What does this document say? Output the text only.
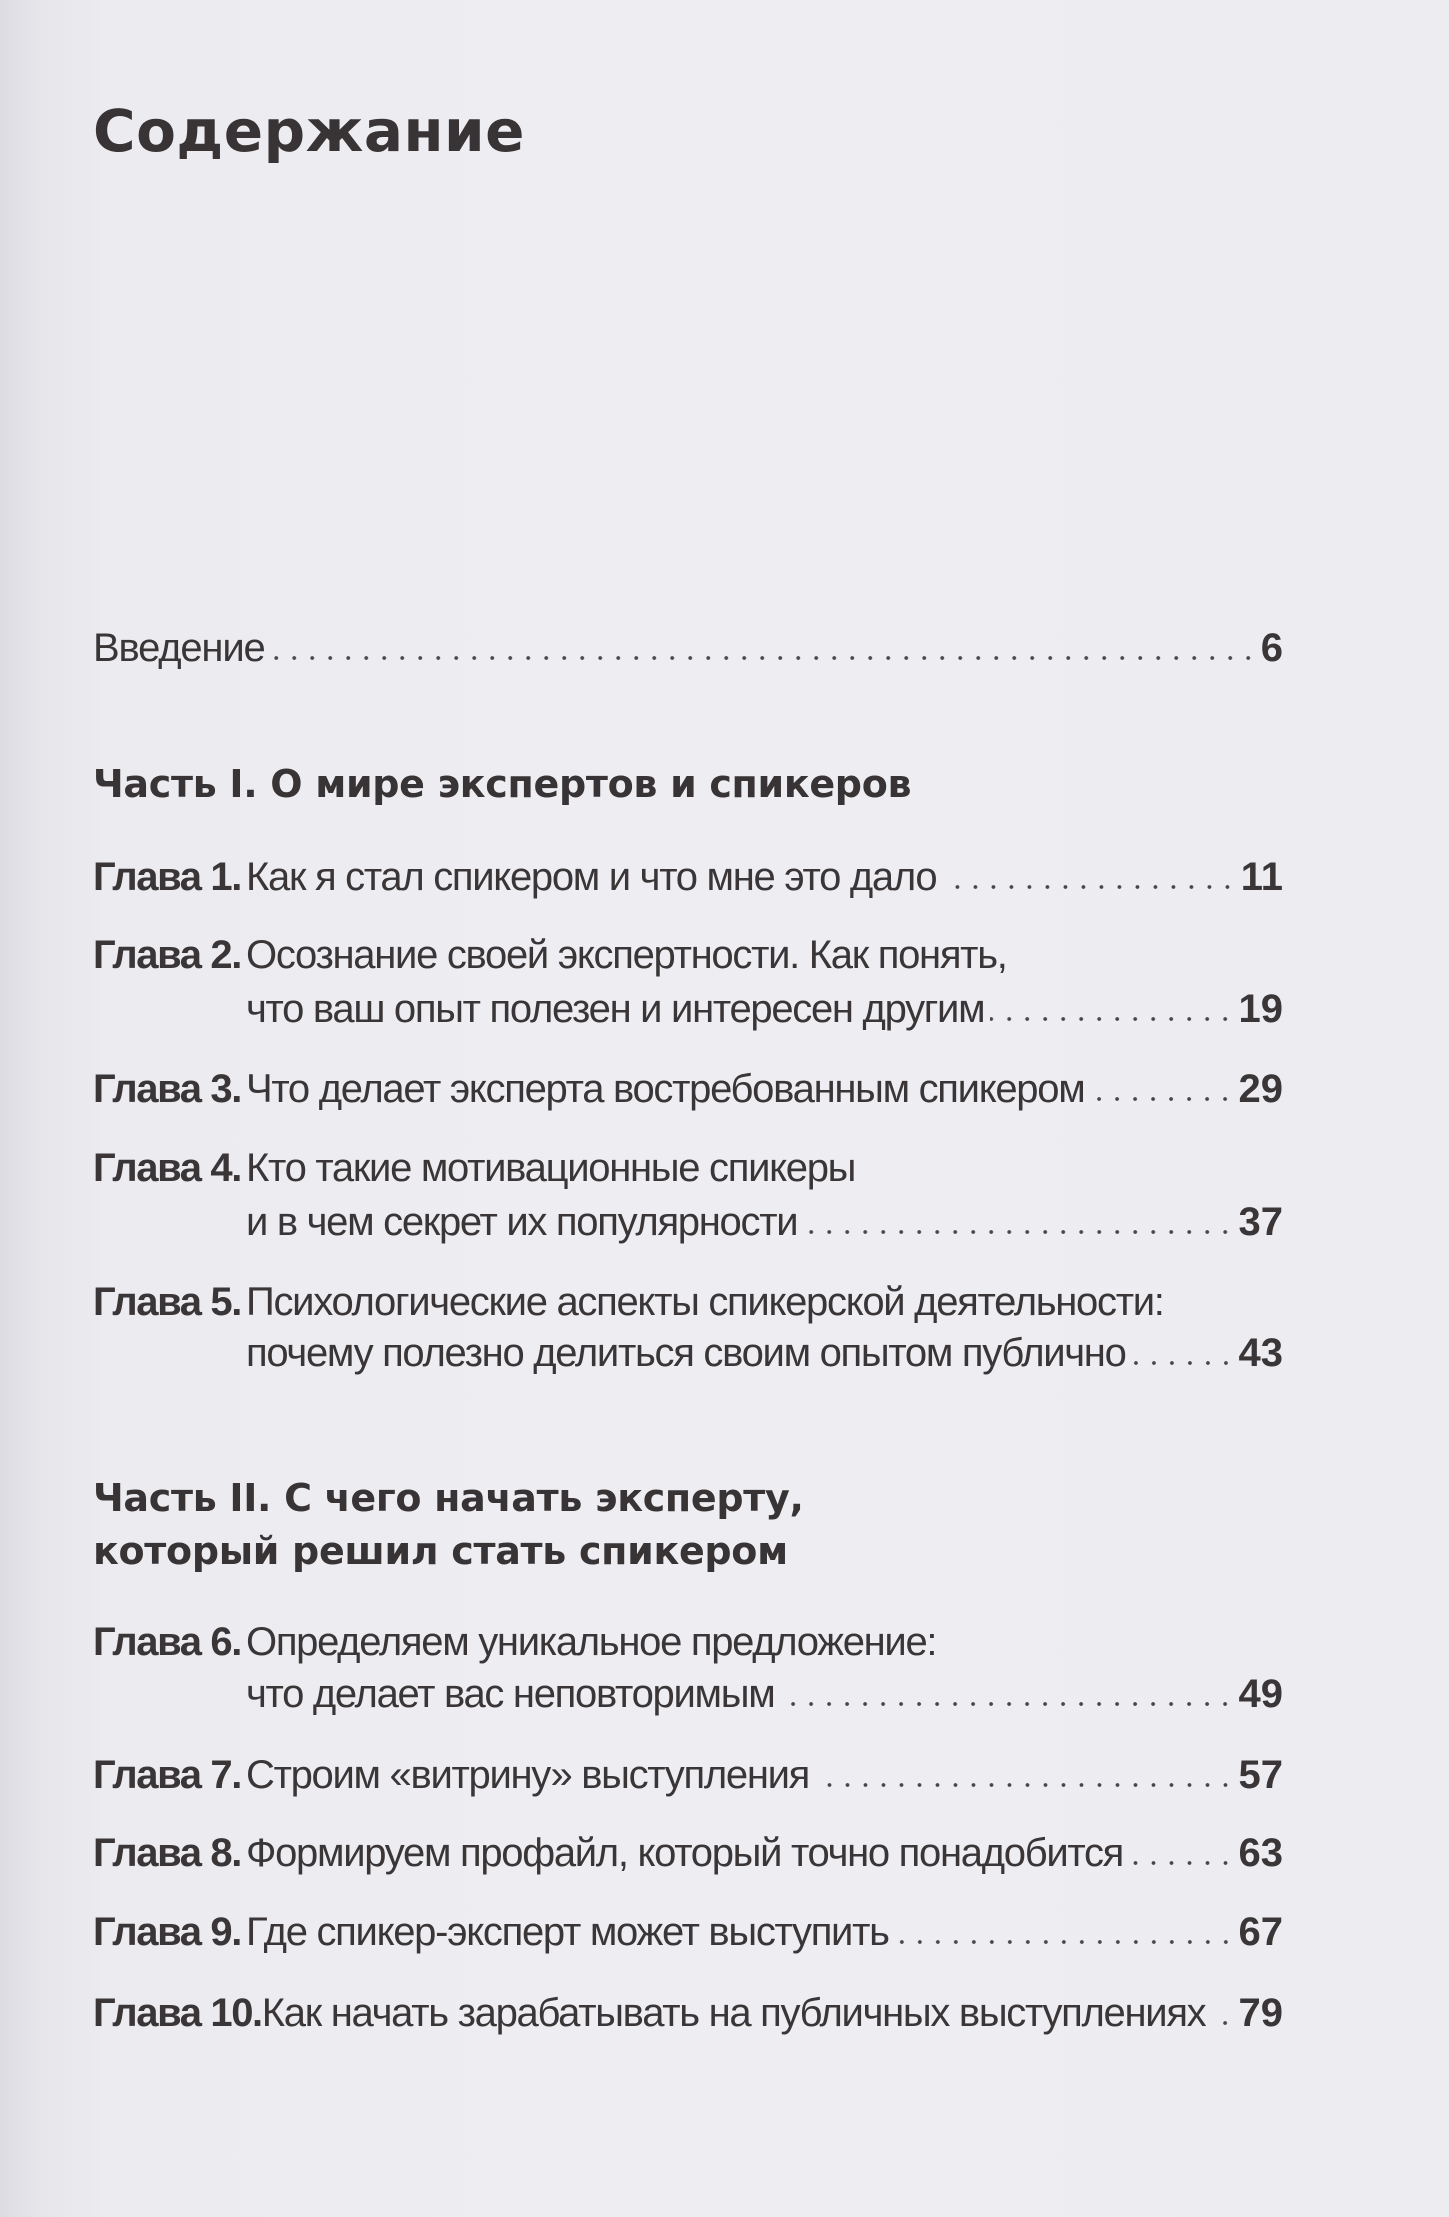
Содержание
Введение	6
Часть I. О мире экспертов и спикеров
Глава 1. Как я стал спикером и что мне это дало	11
Глава 2. Осознание своей экспертности. Как понять,
что ваш опыт полезен и интересен другим	19
Глава 3. Что делает эксперта востребованным спикером	29
Глава 4. Кто такие мотивационные спикеры
и в чем секрет их популярности	37
Глава 5. Психологические аспекты спикерской деятельности:
почему полезно делиться своим опытом публично	43
Часть II. С чего начать эксперту,
который решил стать спикером
Глава 6. Определяем уникальное предложение:
что делает вас неповторимым	49
Глава 7. Строим «витрину» выступления	57
Глава 8. Формируем профайл, который точно понадобится	63
Глава 9. Где спикер-эксперт может выступить	67
Глава 10. Как начать зарабатывать на публичных выступлениях 79
